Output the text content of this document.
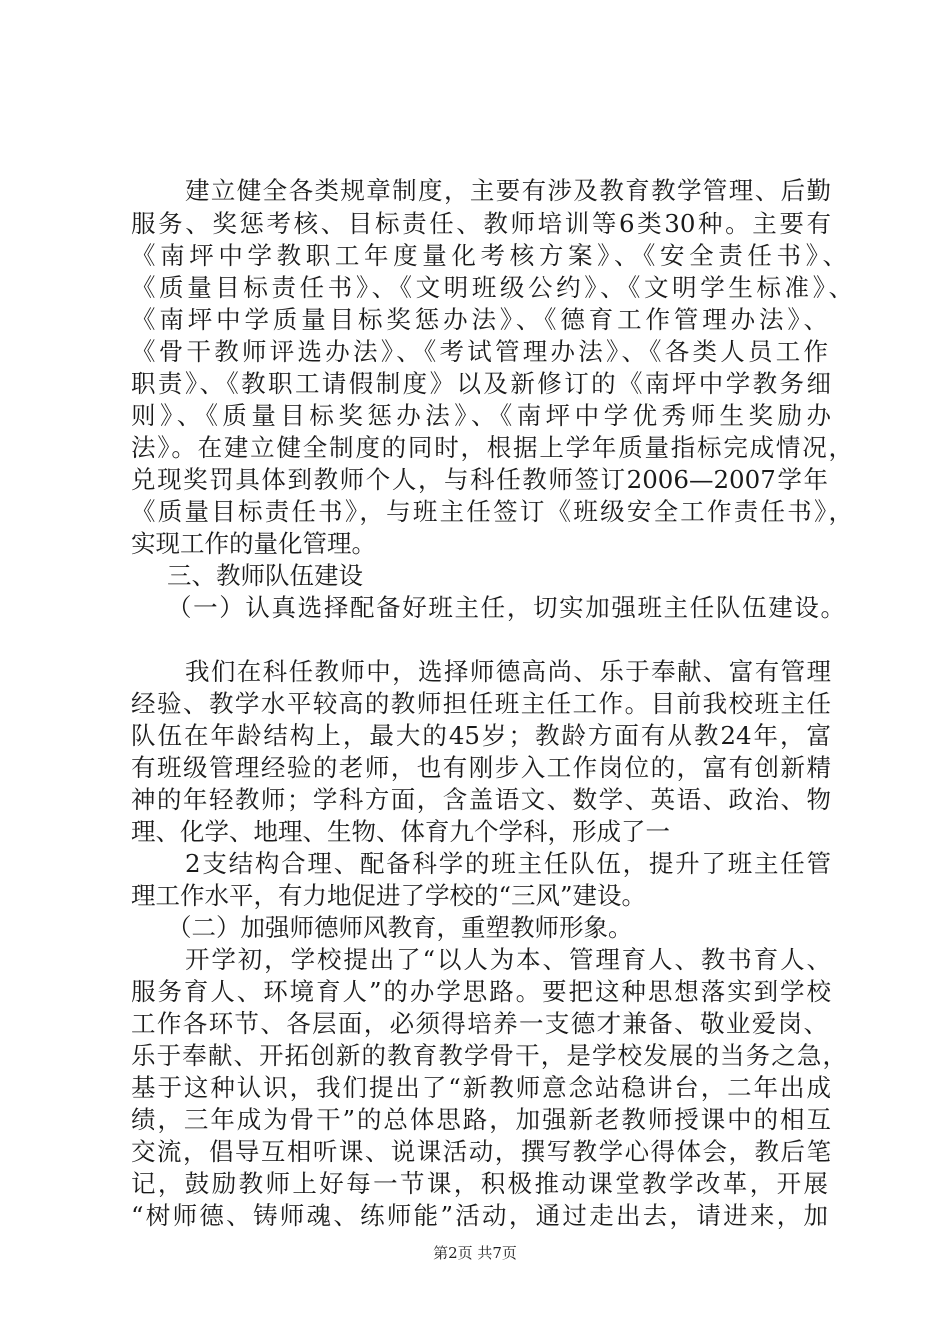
建立健全各类规章制度，主要有涉及教育教学管理、后勤
服务、奖惩考核、目标责任、教师培训等6类30种。主要有
《南坪中学教职工年度量化考核方案》、《安全责任书》、
《质量目标责任书》、《文明班级公约》、《文明学生标准》、
《南坪中学质量目标奖惩办法》、《德育工作管理办法》、
《骨干教师评选办法》、《考试管理办法》、《各类人员工作
职责》、《教职工请假制度》以及新修订的《南坪中学教务细
则》、《质量目标奖惩办法》、《南坪中学优秀师生奖励办
法》。在建立健全制度的同时，根据上学年质量指标完成情况，
兑现奖罚具体到教师个人，与科任教师签订2006—2007学年
《质量目标责任书》，与班主任签订《班级安全工作责任书》，
实现工作的量化管理。
三、教师队伍建设
（一）认真选择配备好班主任，切实加强班主任队伍建设。
我们在科任教师中，选择师德高尚、乐于奉献、富有管理
经验、教学水平较高的教师担任班主任工作。目前我校班主任
队伍在年龄结构上，最大的45岁；教龄方面有从教24年，富
有班级管理经验的老师，也有刚步入工作岗位的，富有创新精
神的年轻教师；学科方面，含盖语文、数学、英语、政治、物
理、化学、地理、生物、体育九个学科，形成了一
2支结构合理、配备科学的班主任队伍，提升了班主任管
理工作水平，有力地促进了学校的“三风”建设。
（二）加强师德师风教育，重塑教师形象。
开学初，学校提出了“以人为本、管理育人、教书育人、
服务育人、环境育人”的办学思路。要把这种思想落实到学校
工作各环节、各层面，必须得培养一支德才兼备、敬业爱岗、
乐于奉献、开拓创新的教育教学骨干，是学校发展的当务之急，
基于这种认识，我们提出了“新教师意念站稳讲台，二年出成
绩，三年成为骨干”的总体思路，加强新老教师授课中的相互
交流，倡导互相听课、说课活动，撰写教学心得体会，教后笔
记，鼓励教师上好每一节课，积极推动课堂教学改革，开展
“树师德、铸师魂、练师能”活动，通过走出去，请进来，加
第2页 共7页
